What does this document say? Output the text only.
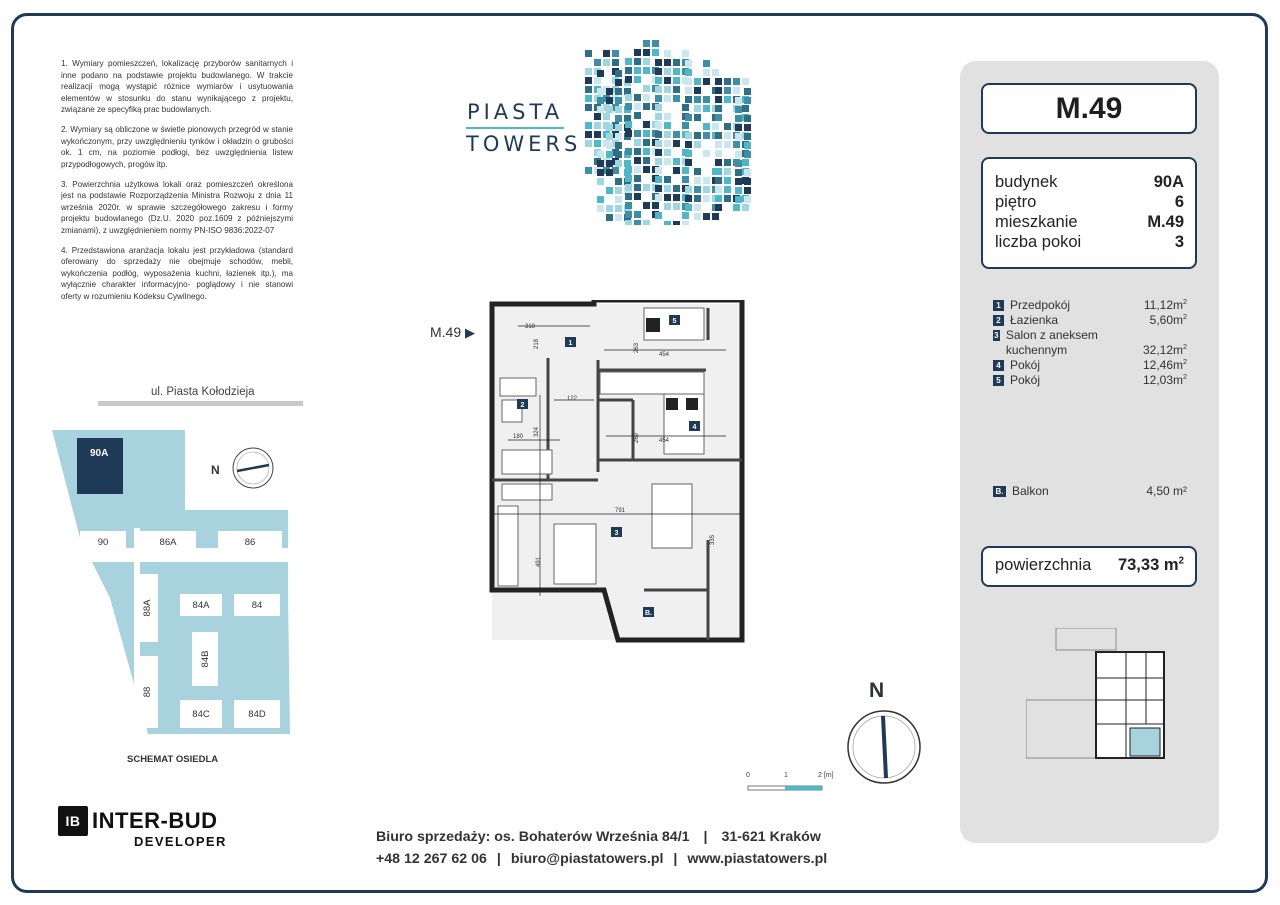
1. Wymiary pomieszczeń, lokalizację przyborów sanitarnych i inne podano na podstawie projektu budowlanego. W trakcie realizacji mogą wystąpić różnice wymiarów i usytuowania elementów w stosunku do stanu wynikającego z projektu, związane ze specyfiką prac budowlanych.

2. Wymiary są obliczone w świetle pionowych przegród w stanie wykończonym, przy uwzględnieniu tynków i okładzin o grubości ok. 1 cm, na poziomie podłogi, bez uwzględnienia listew przypodłogowych, progów itp.

3. Powierzchnia użytkowa lokali oraz pomieszczeń określona jest na podstawie Rozporządzenia Ministra Rozwoju z dnia 11 września 2020r. w sprawie szczegółowego zakresu i formy projektu budowlanego (Dz.U. 2020 poz.1609 z późniejszymi zmianami), z uwzględnieniem normy PN-ISO 9836:2022-07

4. Przedstawiona aranżacja lokalu jest przykładowa (standard oferowany do sprzedaży nie obejmuje schodów, mebli, wykończenia podłóg, wyposażenia kuchni, łazienek itp.), ma wyłącznie charakter informacyjno- poglądowy i nie stanowi oferty w rozumieniu Kodeksu Cywilnego.

PIASTA
TOWERS
ul. Piasta Kołodzieja
90A
90	86A	86
88A	84A	84
84B
88
84C	84D
N
SCHEMAT OSIEDLA
M.49 ▶	318
218	263
454
122
324
180	269	454
791
335
491
1
2
3
4
5
B.
0	1	2 [m]
N
M.49
budynek	90A
piętro	6
mieszkanie	M.49
liczba pokoi	3
1 Przedpokój	$11,12m^2$
2 Łazienka	$5,60m^2$
3 Salon z aneksem kuchennym	$32,12m^2$
4 Pokój	$12,46m^2$
5 Pokój	$12,03m^2$
B. Balkon	4,50 m²
powierzchnia 73,33 $m^2$
IB INTER-BUD
DEVELOPER	Biuro sprzedaży: os. Bohaterów Września 84/1 | 31-621 Kraków
+48 12 267 62 06 | biuro@piastatowers.pl | www.piastatowers.pl
